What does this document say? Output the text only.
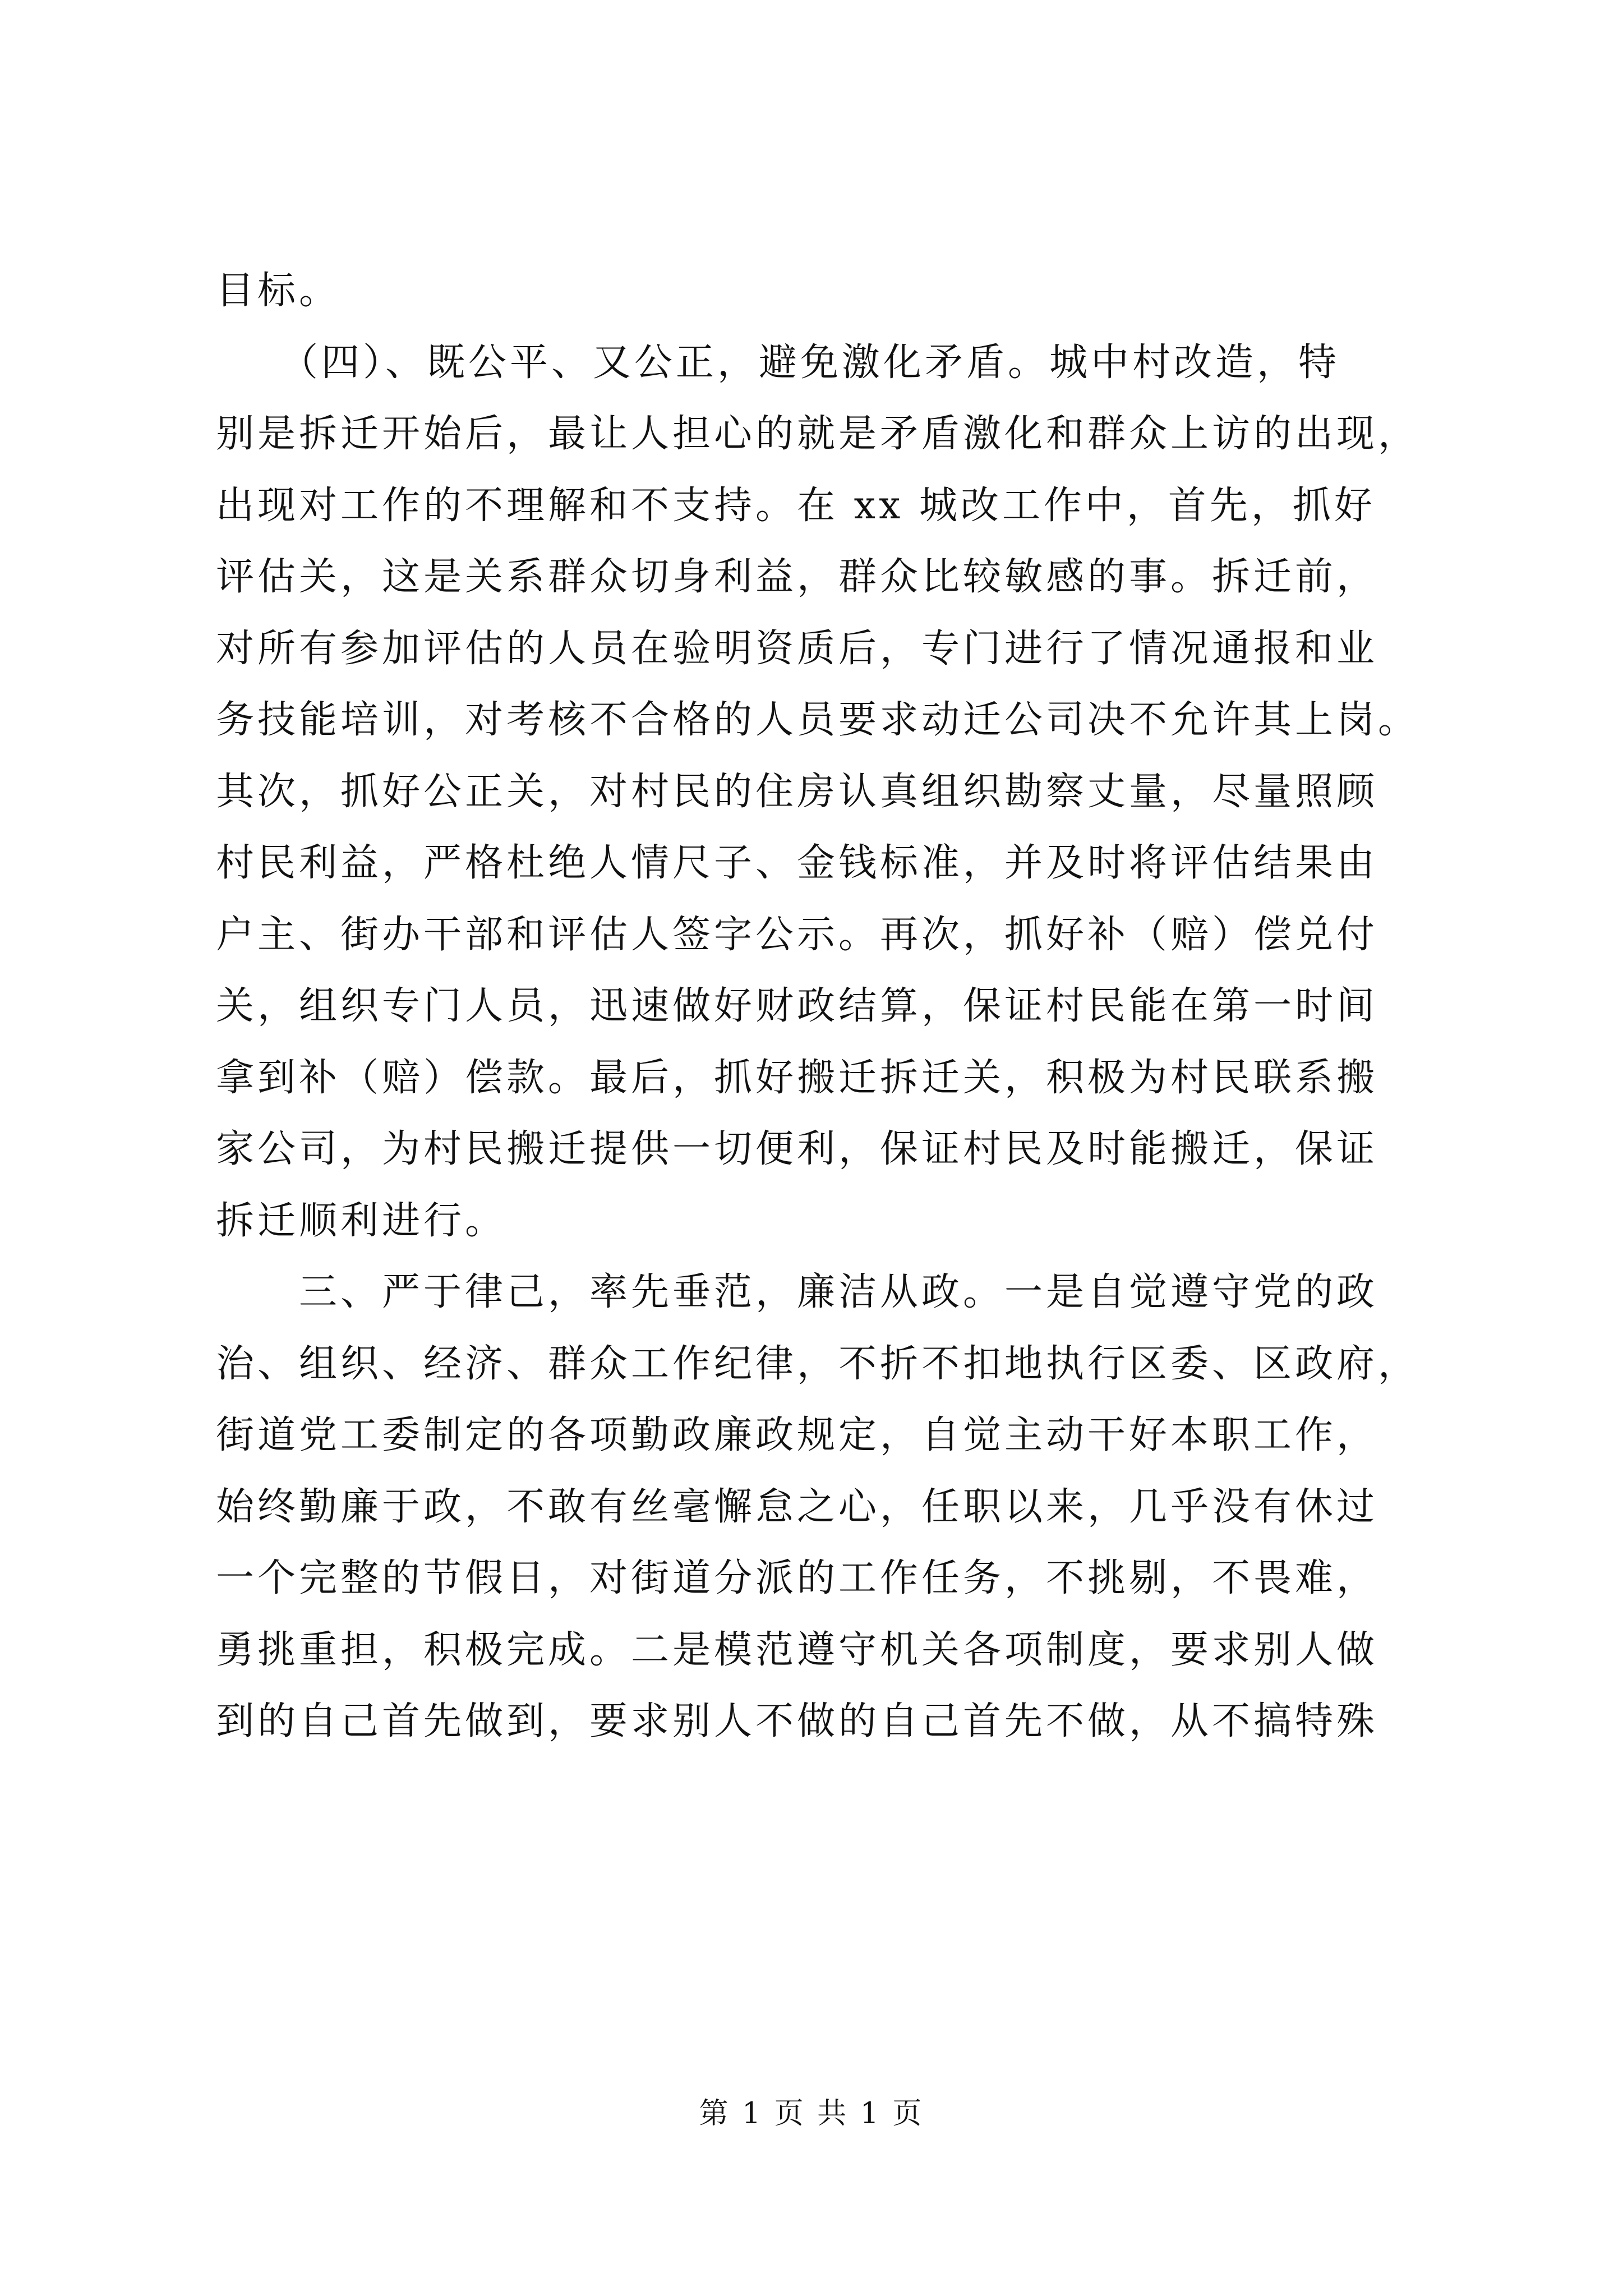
目标。
　　（四）、既公平、又公正，避免激化矛盾。城中村改造，特
别是拆迁开始后，最让人担心的就是矛盾激化和群众上访的出现，
出现对工作的不理解和不支持。在 xx 城改工作中，首先，抓好
评估关，这是关系群众切身利益，群众比较敏感的事。拆迁前，
对所有参加评估的人员在验明资质后，专门进行了情况通报和业
务技能培训，对考核不合格的人员要求动迁公司决不允许其上岗。
其次，抓好公正关，对村民的住房认真组织勘察丈量，尽量照顾
村民利益，严格杜绝人情尺子、金钱标准，并及时将评估结果由
户主、街办干部和评估人签字公示。再次，抓好补（赔）偿兑付
关，组织专门人员，迅速做好财政结算，保证村民能在第一时间
拿到补（赔）偿款。最后，抓好搬迁拆迁关，积极为村民联系搬
家公司，为村民搬迁提供一切便利，保证村民及时能搬迁，保证
拆迁顺利进行。
　　三、严于律己，率先垂范，廉洁从政。一是自觉遵守党的政
治、组织、经济、群众工作纪律，不折不扣地执行区委、区政府，
街道党工委制定的各项勤政廉政规定，自觉主动干好本职工作，
始终勤廉于政，不敢有丝毫懈怠之心，任职以来，几乎没有休过
一个完整的节假日，对街道分派的工作任务，不挑剔，不畏难，
勇挑重担，积极完成。二是模范遵守机关各项制度，要求别人做
到的自己首先做到，要求别人不做的自己首先不做，从不搞特殊
第 1 页 共 1 页
